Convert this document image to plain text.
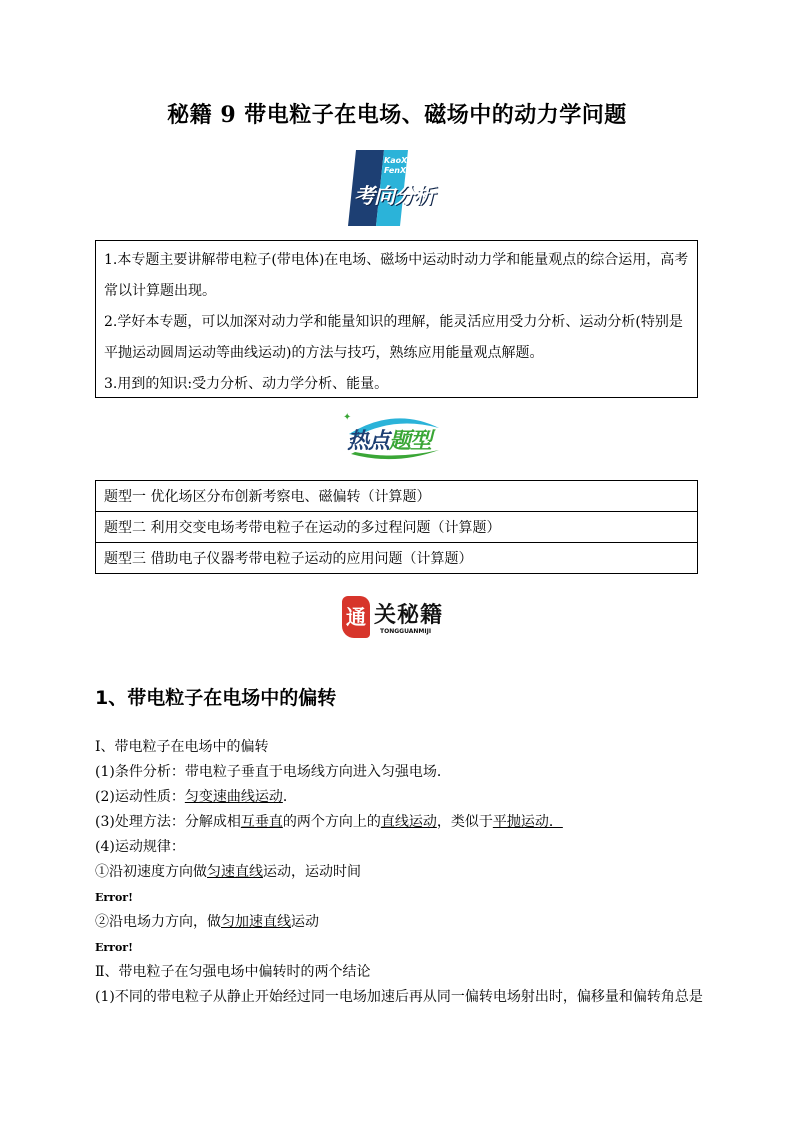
秘籍 9 带电粒子在电场、磁场中的动力学问题
KaoXiang
FenXi
考向分析

1.本专题主要讲解带电粒子(带电体)在电场、磁场中运动时动力学和能量观点的综合运用，高考常以计算题出现。

2.学好本专题，可以加深对动力学和能量知识的理解，能灵活应用受力分析、运动分析(特别是平抛运动圆周运动等曲线运动)的方法与技巧，熟练应用能量观点解题。

3.用到的知识:受力分析、动力学分析、能量。

✦
热点题型
题型一 优化场区分布创新考察电、磁偏转（计算题）
题型二 利用交变电场考带电粒子在运动的多过程问题（计算题）
题型三 借助电子仪器考带电粒子运动的应用问题（计算题）
通 关秘籍
TONGGUANMIJI
1、带电粒子在电场中的偏转
Ⅰ、带电粒子在电场中的偏转
(1)条件分析：带电粒子垂直于电场线方向进入匀强电场．
(2)运动性质：匀变速曲线运动．
(3)处理方法：分解成相互垂直的两个方向上的直线运动，类似于平抛运动．
(4)运动规律：
①沿初速度方向做匀速直线运动，运动时间
Error!
②沿电场力方向，做匀加速直线运动
Error!
Ⅱ、带电粒子在匀强电场中偏转时的两个结论
(1)不同的带电粒子从静止开始经过同一电场加速后再从同一偏转电场射出时，偏移量和偏转角总是
